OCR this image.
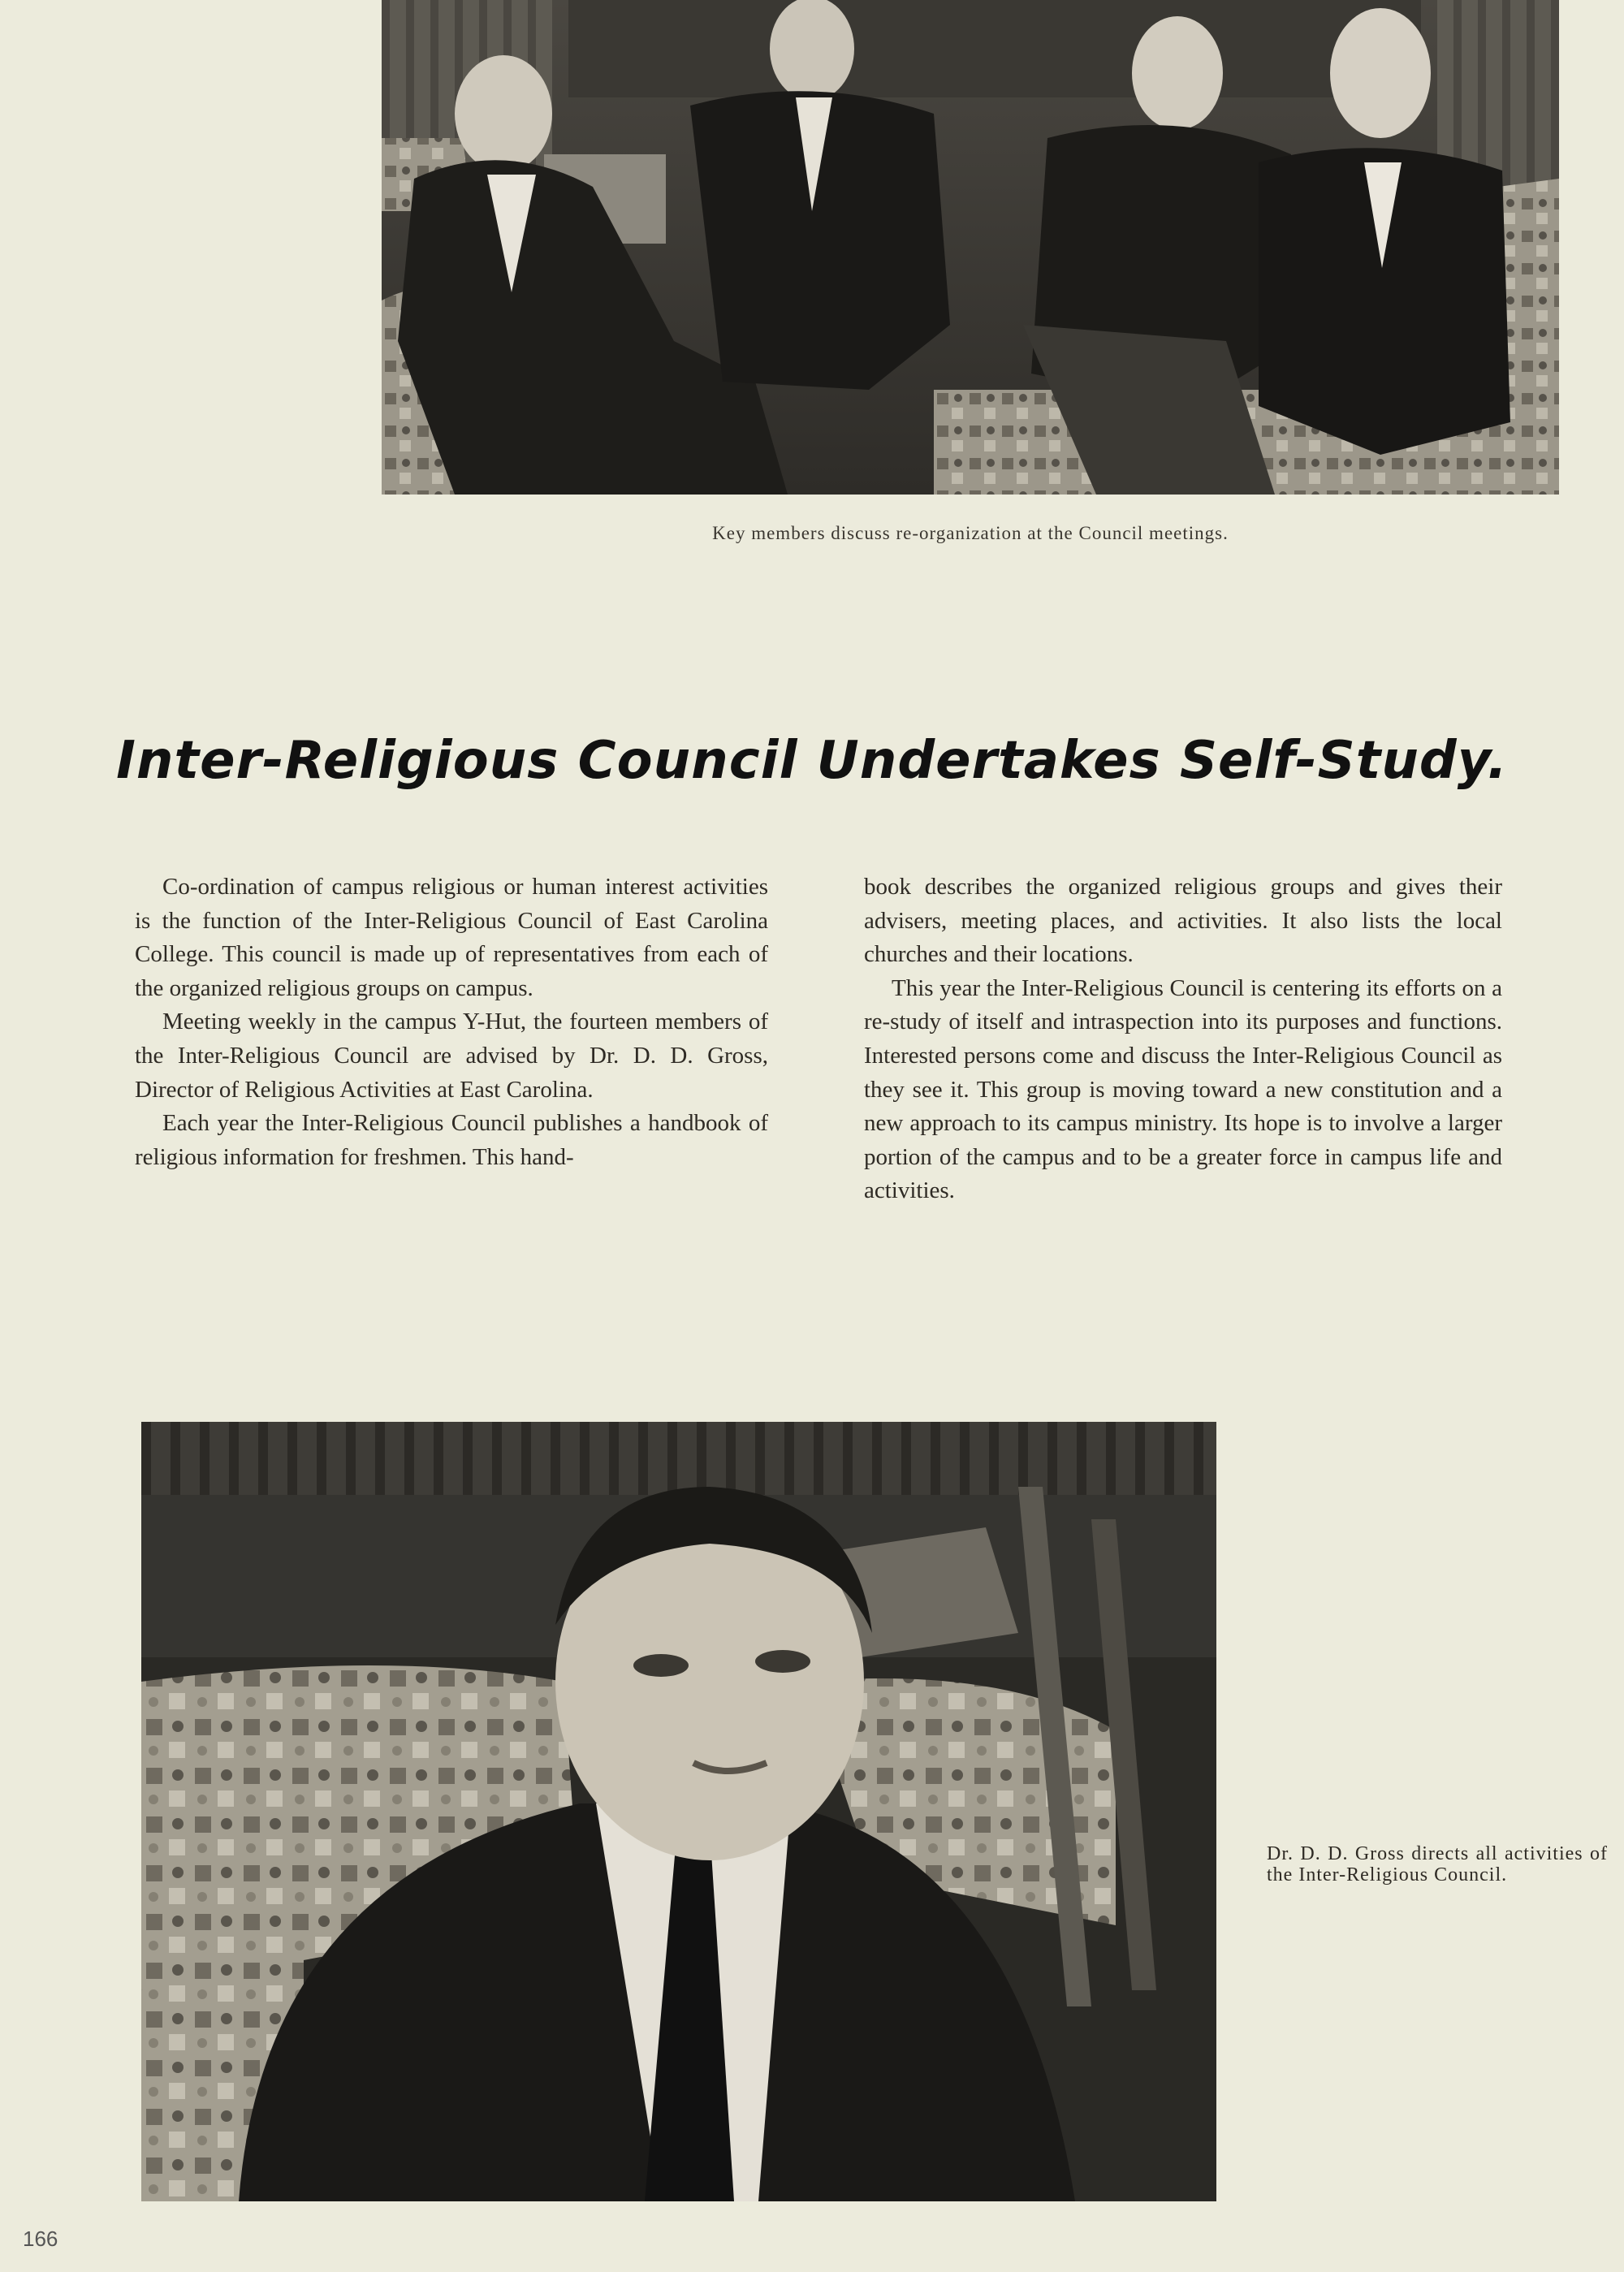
Key members discuss re-organization at the Council meetings.
Inter-Religious Council Undertakes Self-Study.

Co-ordination of campus religious or human interest activities is the function of the Inter-Religious Council of East Carolina College. This council is made up of representatives from each of the organized religious groups on campus.

Meeting weekly in the campus Y-Hut, the fourteen members of the Inter-Religious Council are advised by Dr. D. D. Gross, Director of Religious Activities at East Carolina.

Each year the Inter-Religious Council publishes a handbook of religious information for freshmen. This hand-

book describes the organized religious groups and gives their advisers, meeting places, and activities. It also lists the local churches and their locations.

This year the Inter-Religious Council is centering its efforts on a re-study of itself and intraspection into its purposes and functions. Interested persons come and discuss the Inter-Religious Council as they see it. This group is moving toward a new constitution and a new approach to its campus ministry. Its hope is to involve a larger portion of the campus and to be a greater force in campus life and activities.

Dr. D. D. Gross directs all activities of the Inter-Religious Council.
166
